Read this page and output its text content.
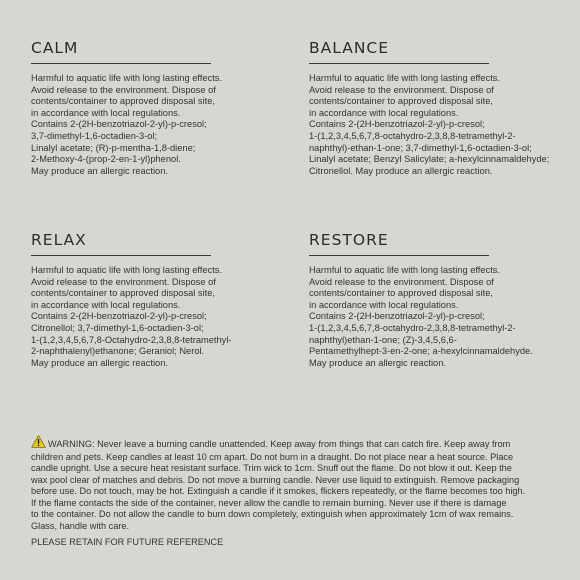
CALM
Harmful to aquatic life with long lasting effects.
Avoid release to the environment. Dispose of
contents/container to approved disposal site,
in accordance with local regulations.
Contains 2-(2H-benzotriazol-2-yl)-p-cresol;
3,7-dimethyl-1,6-octadien-3-ol;
Linalyl acetate; (R)-p-mentha-1,8-diene;
2-Methoxy-4-(prop-2-en-1-yl)phenol.
May produce an allergic reaction.
BALANCE
Harmful to aquatic life with long lasting effects.
Avoid release to the environment. Dispose of
contents/container to approved disposal site,
in accordance with local regulations.
Contains 2-(2H-benzotriazol-2-yl)-p-cresol;
1-(1,2,3,4,5,6,7,8-octahydro-2,3,8,8-tetramethyl-2-
naphthyl)-ethan-1-one; 3,7-dimethyl-1,6-octadien-3-ol;
Linalyl acetate; Benzyl Salicylate; a-hexylcinnamaldehyde;
Citronellol. May produce an allergic reaction.
RELAX
Harmful to aquatic life with long lasting effects.
Avoid release to the environment. Dispose of
contents/container to approved disposal site,
in accordance with local regulations.
Contains 2-(2H-benzotriazol-2-yl)-p-cresol;
Citronellol; 3,7-dimethyl-1,6-octadien-3-ol;
1-(1,2,3,4,5,6,7,8-Octahydro-2,3,8,8-tetramethyl-
2-naphthalenyl)ethanone; Geraniol; Nerol.
May produce an allergic reaction.
RESTORE
Harmful to aquatic life with long lasting effects.
Avoid release to the environment. Dispose of
contents/container to approved disposal site,
in accordance with local regulations.
Contains 2-(2H-benzotriazol-2-yl)-p-cresol;
1-(1,2,3,4,5,6,7,8-octahydro-2,3,8,8-tetramethyl-2-
naphthyl)ethan-1-one; (Z)-3,4,5,6,6-
Pentamethylhept-3-en-2-one; a-hexylcinnamaldehyde.
May produce an allergic reaction.
WARNING: Never leave a burning candle unattended. Keep away from things that can catch fire. Keep away from
children and pets. Keep candles at least 10 cm apart. Do not burn in a draught. Do not place near a heat source. Place
candle upright. Use a secure heat resistant surface. Trim wick to 1cm. Snuff out the flame. Do not blow it out. Keep the
wax pool clear of matches and debris. Do not move a burning candle. Never use liquid to extinguish. Remove packaging
before use. Do not touch, may be hot. Extinguish a candle if it smokes, flickers repeatedly, or the flame becomes too high.
If the flame contacts the side of the container, never allow the candle to remain burning. Never use if there is damage
to the container. Do not allow the candle to burn down completely, extinguish when approximately 1cm of wax remains.
Glass, handle with care.
PLEASE RETAIN FOR FUTURE REFERENCE
